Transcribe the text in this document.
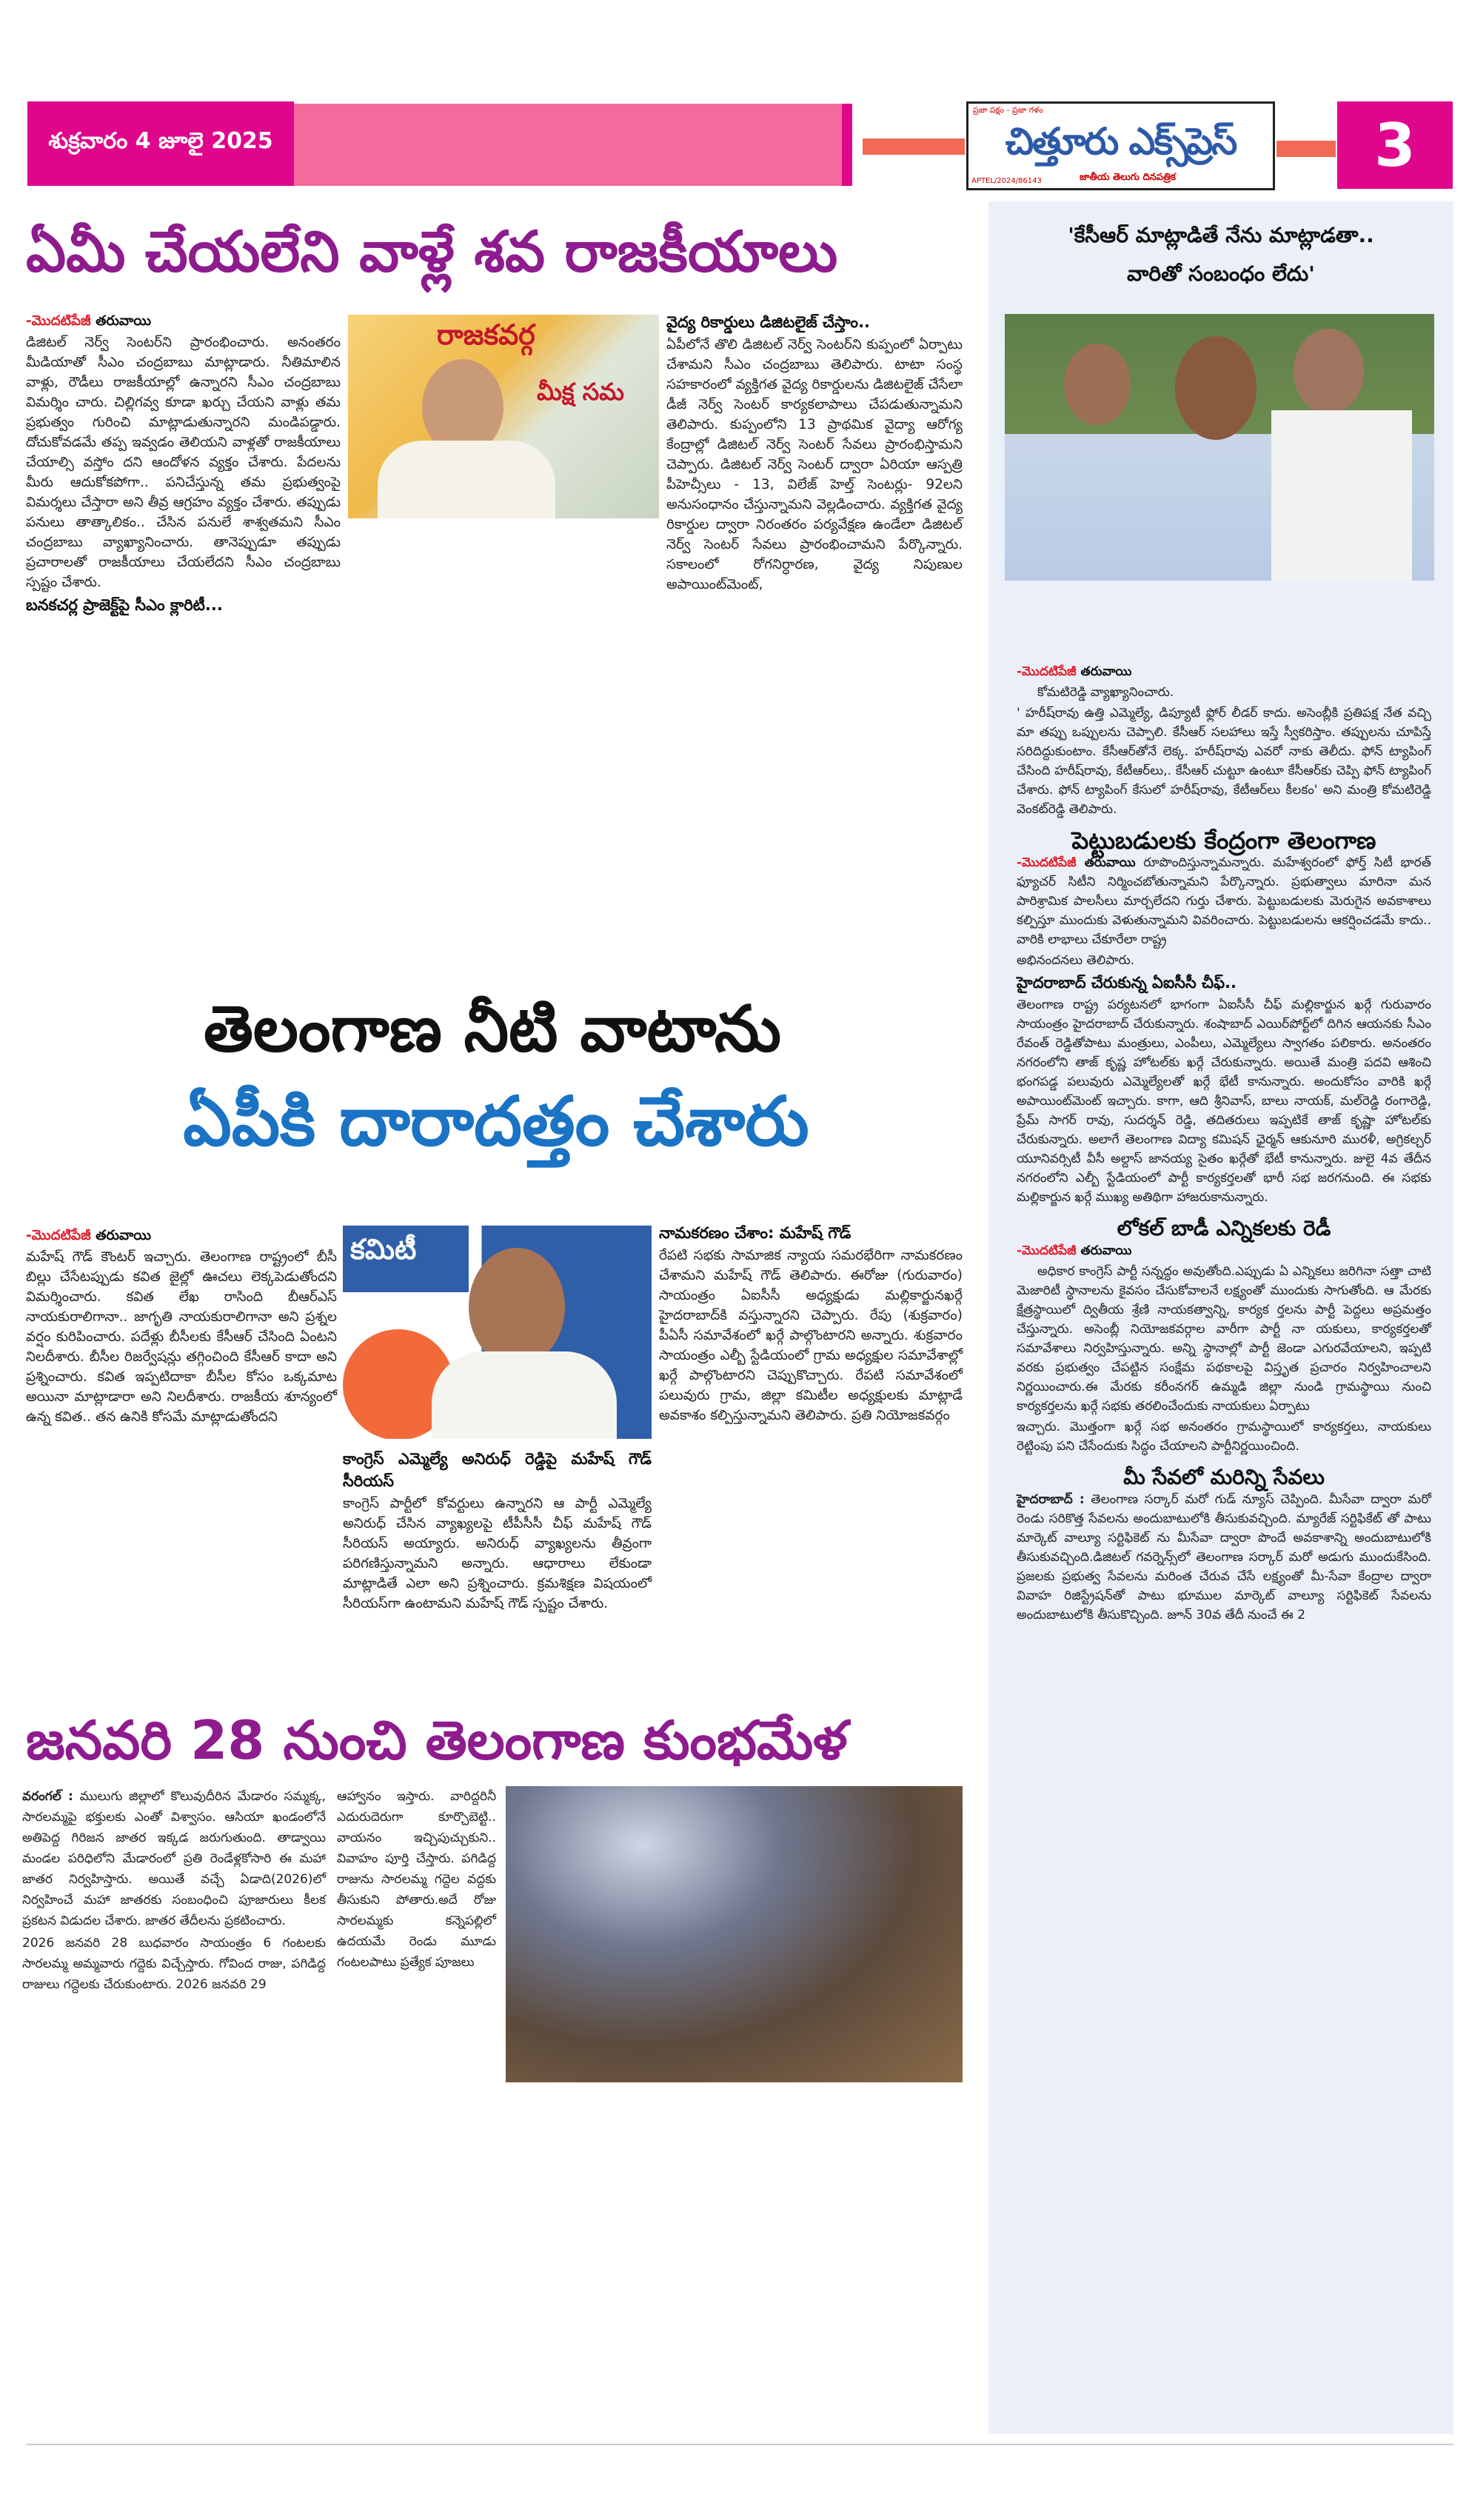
శుక్రవారం 4 జూలై 2025
ప్రజా పక్షం - ప్రజా గళం
చిత్తూరు ఎక్స్‌ప్రెస్
APTEL/2024/86143	జాతీయ తెలుగు దినపత్రిక	3
ఏమీ చేయలేని వాళ్లే శవ రాజకీయాలు

-మొదటిపేజీ తరువాయి

డిజిటల్ నెర్వ్ సెంటర్‌ని ప్రారంభించారు. అనంతరం మీడియాతో సీఎం చంద్రబాబు మాట్లాడారు. నీతిమాలిన వాళ్లు, రౌడీలు రాజకీయాల్లో ఉన్నారని సీఎం చంద్రబాబు విమర్శిం చారు. చిల్లిగవ్వ కూడా ఖర్చు చేయని వాళ్లు తమ ప్రభుత్వం గురించి మాట్లాడుతున్నారని మండిపడ్డారు. దోచుకోవడమే తప్ప ఇవ్వడం తెలియని వాళ్లతో రాజకీయాలు చేయాల్సి వస్తోం దని ఆందోళన వ్యక్తం చేశారు. పేదలను మీరు ఆదుకోకపోగా.. పనిచేస్తున్న తమ ప్రభుత్వంపై విమర్శలు చేస్తారా అని తీవ్ర ఆగ్రహం వ్యక్తం చేశారు. తప్పుడు పనులు తాత్కాలికం.. చేసిన పనులే శాశ్వతమని సీఎం చంద్రబాబు వ్యాఖ్యానించారు. తానెప్పుడూ తప్పుడు ప్రచారాలతో రాజకీయాలు చేయలేదని సీఎం చంద్రబాబు స్పష్టం చేశారు.

బనకచర్ల ప్రాజెక్ట్‌పై సీఎం క్లారిటీ...

రాజకవర్గ
మీక్ష సమ

వైద్య రికార్డులు డిజిటలైజ్ చేస్తాం..

ఏపీలోనే తొలి డిజిటల్ నెర్వ్ సెంటర్‌ని కుప్పంలో ఏర్పాటు చేశామని సీఎం చంద్రబాబు తెలిపారు. టాటా సంస్థ సహకారంలో వ్యక్తిగత వైద్య రికార్డులను డిజిటలైజ్ చేసేలా డీజీ నెర్వ్ సెంటర్ కార్యకలాపాలు చేపడుతున్నామని తెలిపారు. కుప్పంలోని 13 ప్రాథమిక వైద్యా ఆరోగ్య కేంద్రాల్లో డిజిటల్ నెర్వ్ సెంటర్ సేవలు ప్రారంభిస్తామని చెప్పారు. డిజిటల్ నెర్వ్ సెంటర్ ద్వారా ఏరియా ఆస్పత్రి పీహెచ్సీలు - 13, విలేజ్ హెల్త్ సెంటర్లు- 92లని అనుసంధానం చేస్తున్నామని వెల్లడించారు. వ్యక్తిగత వైద్య రికార్డుల ద్వారా నిరంతరం పర్యవేక్షణ ఉండేలా డిజిటల్ నెర్వ్ సెంటర్ సేవలు ప్రారంభించామని పేర్కొన్నారు. సకాలంలో రోగనిర్ధారణ, వైద్య నిపుణుల అపాయింట్‌మెంట్,

తెలంగాణ నీటి వాటాను
ఏపీకి దారాదత్తం చేశారు

-మొదటిపేజీ తరువాయి

మహేష్ గౌడ్ కౌంటర్ ఇచ్చారు. తెలంగాణ రాష్ట్రంలో బీసీ బిల్లు చేసేటప్పుడు కవిత జైల్లో ఊచలు లెక్కపెడుతోందని విమర్శించారు. కవిత లేఖ రాసింది బీఆర్ఎస్ నాయకురాలిగానా.. జాగృతి నాయకురాలిగానా అని ప్రశ్నల వర్షం కురిపించారు. పదేళ్లు బీసీలకు కేసీఆర్ చేసింది ఏంటని నిలదీశారు. బీసీల రిజర్వేషన్లు తగ్గించింది కేసీఆర్ కాదా అని ప్రశ్నించారు. కవిత ఇప్పటిదాకా బీసీల కోసం ఒక్కమాట అయినా మాట్లాడారా అని నిలదీశారు. రాజకీయ శూన్యంలో ఉన్న కవిత.. తన ఉనికి కోసమే మాట్లాడుతోందని

కమిటీ

కాంగ్రెస్ ఎమ్మెల్యే అనిరుధ్ రెడ్డిపై మహేష్ గౌడ్ సీరియస్

కాంగ్రెస్ పార్టీలో కోవర్టులు ఉన్నారని ఆ పార్టీ ఎమ్మెల్యే అనిరుధ్ చేసిన వ్యాఖ్యలపై టీపీసీసీ చీఫ్ మహేష్ గౌడ్ సీరియస్ అయ్యారు. అనిరుధ్ వ్యాఖ్యలను తీవ్రంగా పరిగణిస్తున్నామని అన్నారు. ఆధారాలు లేకుండా మాట్లాడితే ఎలా అని ప్రశ్నించారు. క్రమశిక్షణ విషయంలో సీరియస్‌గా ఉంటామని మహేష్ గౌడ్ స్పష్టం చేశారు.

నామకరణం చేశాం: మహేష్ గౌడ్

రేపటి సభకు సామాజిక న్యాయ సమరభేరిగా నామకరణం చేశామని మహేష్ గౌడ్ తెలిపారు. ఈరోజు (గురువారం) సాయంత్రం ఏఐసీసీ అధ్యక్షుడు మల్లికార్జునఖర్గే హైదరాబాద్‌కి వస్తున్నారని చెప్పారు. రేపు (శుక్రవారం) పీఏసీ సమావేశంలో ఖర్గే పాల్గొంటారని అన్నారు. శుక్రవారం సాయంత్రం ఎల్బీ స్టేడియంలో గ్రామ అధ్యక్షుల సమావేశాల్లో ఖర్గే పాల్గొంటారని చెప్పుకొచ్చారు. రేపటి సమావేశంలో పలువురు గ్రామ, జిల్లా కమిటీల అధ్యక్షులకు మాట్లాడే అవకాశం కల్పిస్తున్నామని తెలిపారు. ప్రతి నియోజకవర్గం

జనవరి 28 నుంచి తెలంగాణ కుంభమేళ

వరంగల్ : ములుగు జిల్లాలో కొలువుదీరిన మేడారం సమ్మక్క, సారలమ్మపై భక్తులకు ఎంతో విశ్వాసం. ఆసియా ఖండంలోనే అతిపెద్ద గిరిజన జాతర ఇక్కడ జరుగుతుంది. తాడ్వాయి మండల పరిధిలోని మేడారంలో ప్రతి రెండేళ్లకోసారి ఈ మహా జాతర నిర్వహిస్తారు. అయితే వచ్చే ఏడాది(2026)లో నిర్వహించే మహా జాతరకు సంబంధించి పూజారులు కీలక ప్రకటన విడుదల చేశారు. జాతర తేదీలను ప్రకటించారు.

2026 జనవరి 28 బుధవారం సాయంత్రం 6 గంటలకు సారలమ్మ అమ్మవారు గద్దెకు విచ్చేస్తారు. గోవింద రాజు, పగిడిద్ద రాజులు గద్దెలకు చేరుకుంటారు. 2026 జనవరి 29

ఆహ్వానం ఇస్తారు. వారిద్దరినీ ఎదురుదెరుగా కూర్చొబెట్టి.. వాయనం ఇచ్చిపుచ్చుకుని.. వివాహం పూర్తి చేస్తారు. పగిడిద్ద రాజును సారలమ్మ గద్దెల వద్దకు తీసుకుని పోతారు.అదే రోజు సారలమ్మకు కన్నెపల్లిలో ఉదయమే రెండు మూడు గంటలపాటు ప్రత్యేక పూజలు

'కేసీఆర్ మాట్లాడితే నేను మాట్లాడతా..
వారితో సంబంధం లేదు'

-మొదటిపేజీ తరువాయి

కోమటిరెడ్డి వ్యాఖ్యానించారు.

' హరీష్‌రావు ఉత్తి ఎమ్మెల్యే, డిప్యూటీ ఫ్లోర్ లీడర్ కాదు. అసెంబ్లీకి ప్రతిపక్ష నేత వచ్చి మా తప్పు ఒప్పులను చెప్పాలి. కేసీఆర్ సలహాలు ఇస్తే స్వీకరిస్తాం. తప్పులను చూపిస్తే సరిదిద్దుకుంటాం. కేసీఆర్‌తోనే లెక్క. హరీష్‌రావు ఎవరో నాకు తెలీదు. ఫోన్ ట్యాపింగ్ చేసింది హరీష్‌రావు, కేటీఆర్‌లు,. కేసీఆర్ చుట్టూ ఉంటూ కేసీఆర్‌కు చెప్పి ఫోన్ ట్యాపింగ్ చేశారు. ఫోన్ ట్యాపింగ్ కేసులో హరీష్‌రావు, కేటీఆర్‌లు కీలకం' అని మంత్రి కోమటిరెడ్డి వెంకట్‌రెడ్డి తెలిపారు.

పెట్టుబడులకు కేంద్రంగా తెలంగాణ

-మొదటిపేజీ తరువాయి రూపొందిస్తున్నామన్నారు. మహేశ్వరంలో ఫోర్త్ సిటీ భారత్ ఫ్యూచర్ సిటీని నిర్మించబోతున్నామని పేర్కొన్నారు. ప్రభుత్వాలు మారినా మన పారిశ్రామిక పాలసీలు మార్చలేదని గుర్తు చేశారు. పెట్టుబడులకు మెరుగైన అవకాశాలు కల్పిస్తూ ముందుకు వెళుతున్నామని వివరించారు. పెట్టుబడులను ఆకర్షించడమే కాదు.. వారికి లాభాలు చేకూరేలా రాష్ట్ర

అభినందనలు తెలిపారు.

హైదరాబాద్ చేరుకున్న ఏఐసీసీ చీఫ్..

తెలంగాణ రాష్ట్ర పర్యటనలో భాగంగా ఏఐసీసీ చీఫ్ మల్లికార్జున ఖర్గే గురువారం సాయంత్రం హైదరాబాద్ చేరుకున్నారు. శంషాబాద్ ఎయిర్‌పోర్ట్‌లో దిగిన ఆయనకు సీఎం రేవంత్ రెడ్డితోపాటు మంత్రులు, ఎంపీలు, ఎమ్మెల్యేలు స్వాగతం పలికారు. అనంతరం నగరంలోని తాజ్ కృష్ణ హోటల్‌కు ఖర్గే చేరుకున్నారు. అయితే మంత్రి పదవి ఆశించి భంగపడ్డ పలువురు ఎమ్మెల్యేలతో ఖర్గే భేటీ కానున్నారు. అందుకోసం వారికి ఖర్గే అపాయింట్‌మెంట్ ఇచ్చారు. కాగా, ఆది శ్రీనివాస్, బాలు నాయక్, మల్‌రెడ్డి రంగారెడ్డి, ప్రేమ్ సాగర్ రావు, సుదర్శన్ రెడ్డి, తదితరులు ఇప్పటికే తాజ్ కృష్ణా హోటల్‌కు చేరుకున్నారు. అలాగే తెలంగాణ విద్యా కమిషన్ ఛైర్మన్ ఆకునూరి మురళీ, అగ్రికల్చర్ యూనివర్సిటీ వీసీ అల్దాస్ జానయ్య సైతం ఖర్గేతో భేటీ కానున్నారు. జులై 4వ తేదీన నగరంలోని ఎల్బీ స్టేడియంలో పార్టీ కార్యకర్తలతో భారీ సభ జరగనుంది. ఈ సభకు మల్లికార్జున ఖర్గే ముఖ్య అతిథిగా హాజరుకానున్నారు.

లోకల్ బాడీ ఎన్నికలకు రెడీ

-మొదటిపేజీ తరువాయి

అధికార కాంగ్రెస్ పార్టీ సన్నద్ధం అవుతోంది.ఎప్పుడు ఏ ఎన్నికలు జరిగినా సత్తా చాటి మెజారిటీ స్థానాలను కైవసం చేసుకోవాలనే లక్ష్యంతో ముందుకు సాగుతోంది. ఆ మేరకు క్షేత్రస్థాయిలో ద్వితీయ శ్రేణి నాయకత్వాన్ని, కార్యక ర్తలను పార్టీ పెద్దలు అప్రమత్తం చేస్తున్నారు. అసెంబ్లీ నియోజకవర్గాల వారీగా పార్టీ నా యకులు, కార్యకర్తలతో సమావేశాలు నిర్వహిస్తున్నారు. అన్ని స్థానాల్లో పార్టీ జెండా ఎగురవేయాలని, ఇప్పటి వరకు ప్రభుత్వం చేపట్టిన సంక్షేమ పథకాలపై విస్తృత ప్రచారం నిర్వహించాలని నిర్ణయించారు.ఈ మేరకు కరీంనగర్ ఉమ్మడి జిల్లా నుండి గ్రామస్థాయి నుంచి కార్యకర్తలను ఖర్గే సభకు తరలించేందుకు నాయకులు ఏర్పాటు

ఇచ్చారు. మొత్తంగా ఖర్గే సభ అనంతరం గ్రామస్థాయిలో కార్యకర్తలు, నాయకులు రెట్టింపు పని చేసేందుకు సిద్ధం చేయాలని పార్టీనిర్ణయించింది.

మీ సేవలో మరిన్ని సేవలు

హైదరాబాద్ : తెలంగాణ సర్కార్ మరో గుడ్ న్యూస్ చెప్పింది. మీసేవా ద్వారా మరో రెండు సరికొత్త సేవలను అందుబాటులోకి తీసుకువచ్చింది. మ్యారేజ్ సర్టిఫికేట్ తో పాటు మార్కెట్ వాల్యూ సర్టిఫికెట్ ను మీసేవా ద్వారా పొందే అవకాశాన్ని అందుబాటులోకి తీసుకువచ్చింది.డిజిటల్ గవర్నెన్స్‌లో తెలంగాణ సర్కార్ మరో అడుగు ముందుకేసింది. ప్రజలకు ప్రభుత్వ సేవలను మరింత చేరువ చేసే లక్ష్యంతో మీ-సేవా కేంద్రాల ద్వారా వివాహ రిజిస్ట్రేషన్‌తో పాటు భూముల మార్కెట్ వాల్యూ సర్టిఫికెట్ సేవలను అందుబాటులోకి తీసుకొచ్చింది. జూన్ 30వ తేదీ నుంచే ఈ 2
